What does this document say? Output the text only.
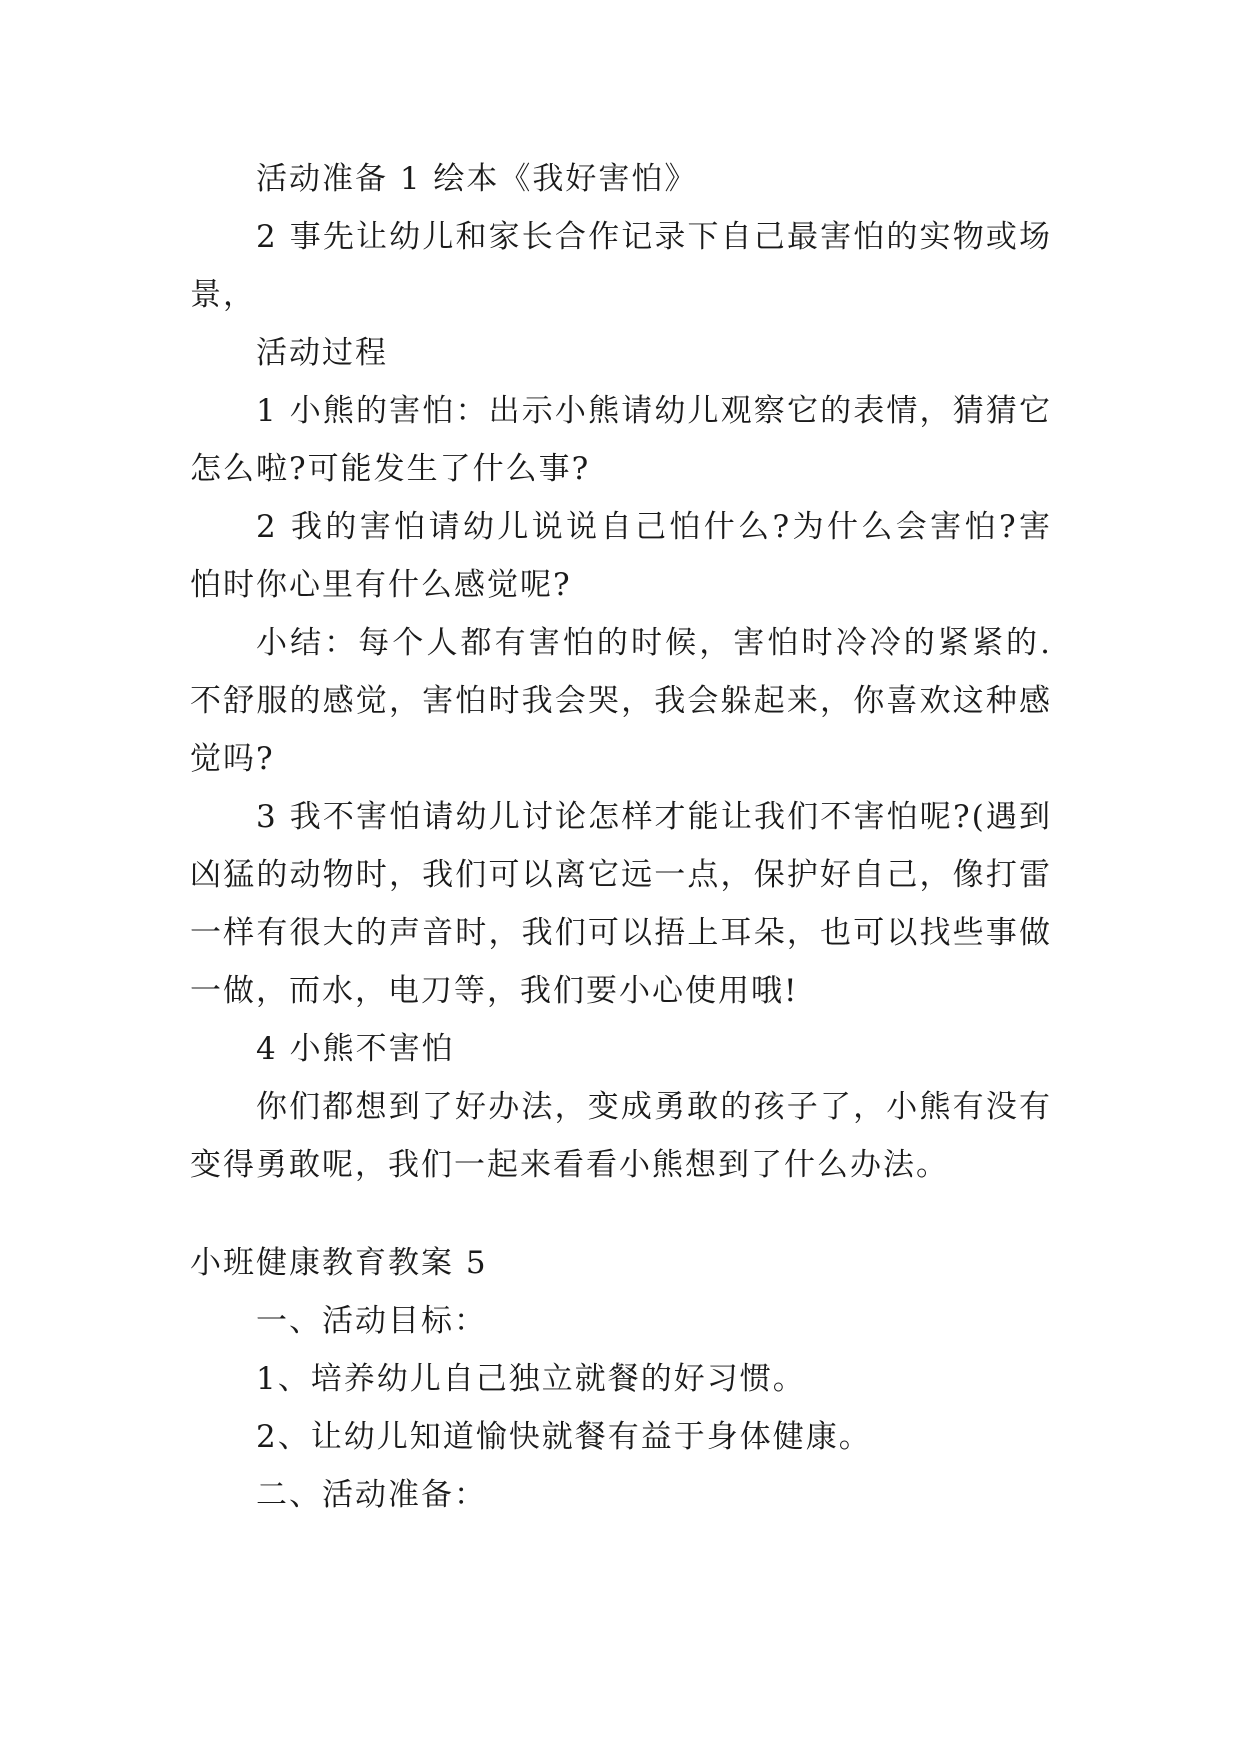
活动准备 1 绘本《我好害怕》

2 事先让幼儿和家长合作记录下自己最害怕的实物或场景，

活动过程

1 小熊的害怕：出示小熊请幼儿观察它的表情，猜猜它怎么啦?可能发生了什么事?

2 我的害怕请幼儿说说自己怕什么?为什么会害怕?害怕时你心里有什么感觉呢?

小结：每个人都有害怕的时候，害怕时冷冷的紧紧的.不舒服的感觉，害怕时我会哭，我会躲起来，你喜欢这种感觉吗?

3 我不害怕请幼儿讨论怎样才能让我们不害怕呢?(遇到凶猛的动物时，我们可以离它远一点，保护好自己，像打雷一样有很大的声音时，我们可以捂上耳朵，也可以找些事做一做，而水，电刀等，我们要小心使用哦!

4 小熊不害怕

你们都想到了好办法，变成勇敢的孩子了，小熊有没有变得勇敢呢，我们一起来看看小熊想到了什么办法。

小班健康教育教案 5

一、活动目标：

1、培养幼儿自己独立就餐的好习惯。

2、让幼儿知道愉快就餐有益于身体健康。

二、活动准备：
